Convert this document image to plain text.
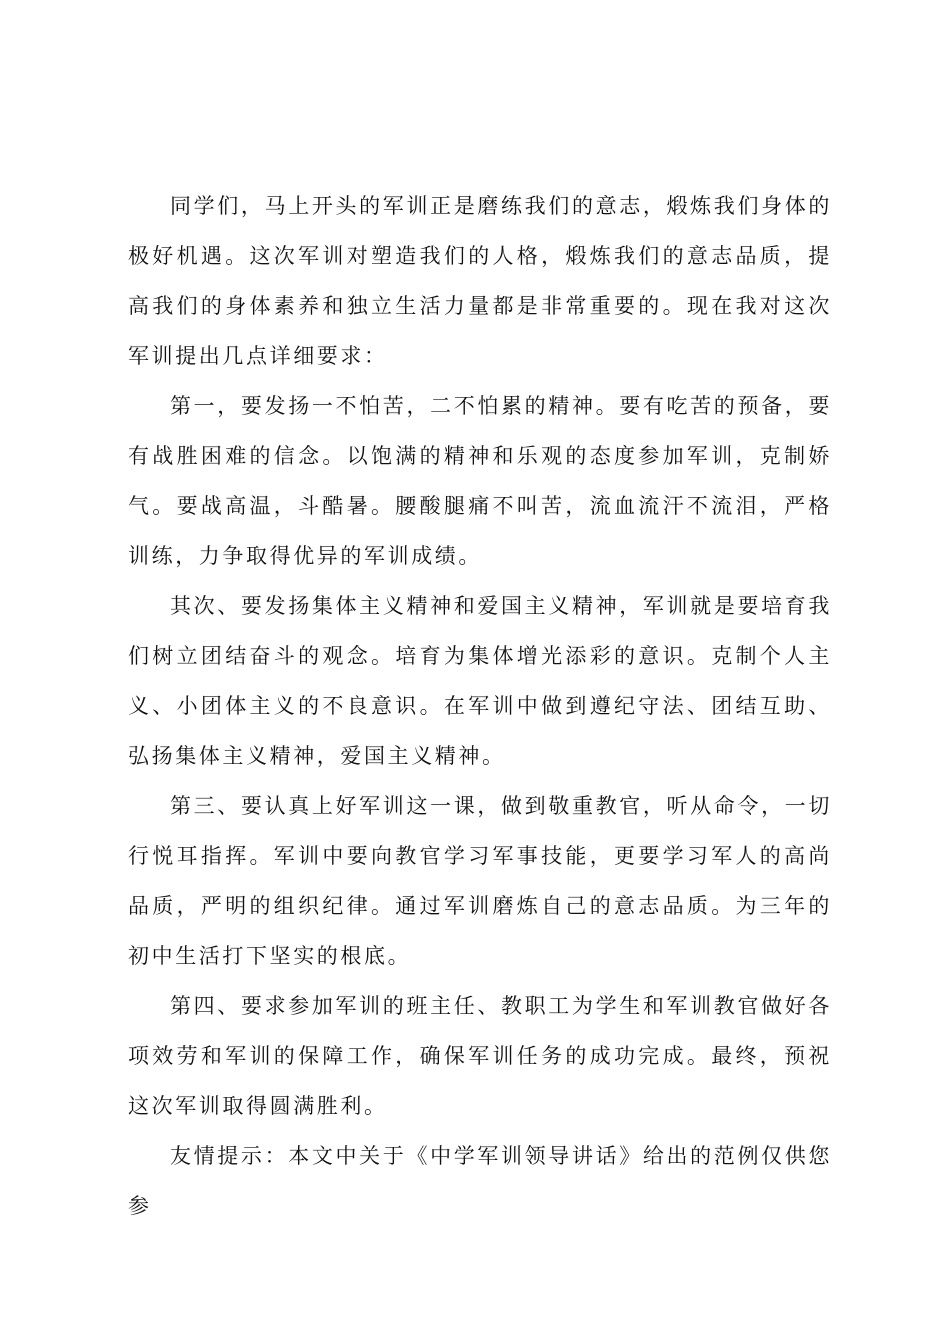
同学们，马上开头的军训正是磨练我们的意志，煅炼我们身体的极好机遇。这次军训对塑造我们的人格，煅炼我们的意志品质，提高我们的身体素养和独立生活力量都是非常重要的。现在我对这次军训提出几点详细要求：

第一，要发扬一不怕苦，二不怕累的精神。要有吃苦的预备，要有战胜困难的信念。以饱满的精神和乐观的态度参加军训，克制娇气。要战高温，斗酷暑。腰酸腿痛不叫苦，流血流汗不流泪，严格训练，力争取得优异的军训成绩。

其次、要发扬集体主义精神和爱国主义精神，军训就是要培育我们树立团结奋斗的观念。培育为集体增光添彩的意识。克制个人主义、小团体主义的不良意识。在军训中做到遵纪守法、团结互助、弘扬集体主义精神，爱国主义精神。

第三、要认真上好军训这一课，做到敬重教官，听从命令，一切行悦耳指挥。军训中要向教官学习军事技能，更要学习军人的高尚品质，严明的组织纪律。通过军训磨炼自己的意志品质。为三年的初中生活打下坚实的根底。

第四、要求参加军训的班主任、教职工为学生和军训教官做好各项效劳和军训的保障工作，确保军训任务的成功完成。最终，预祝这次军训取得圆满胜利。

友情提示：本文中关于《中学军训领导讲话》给出的范例仅供您参
